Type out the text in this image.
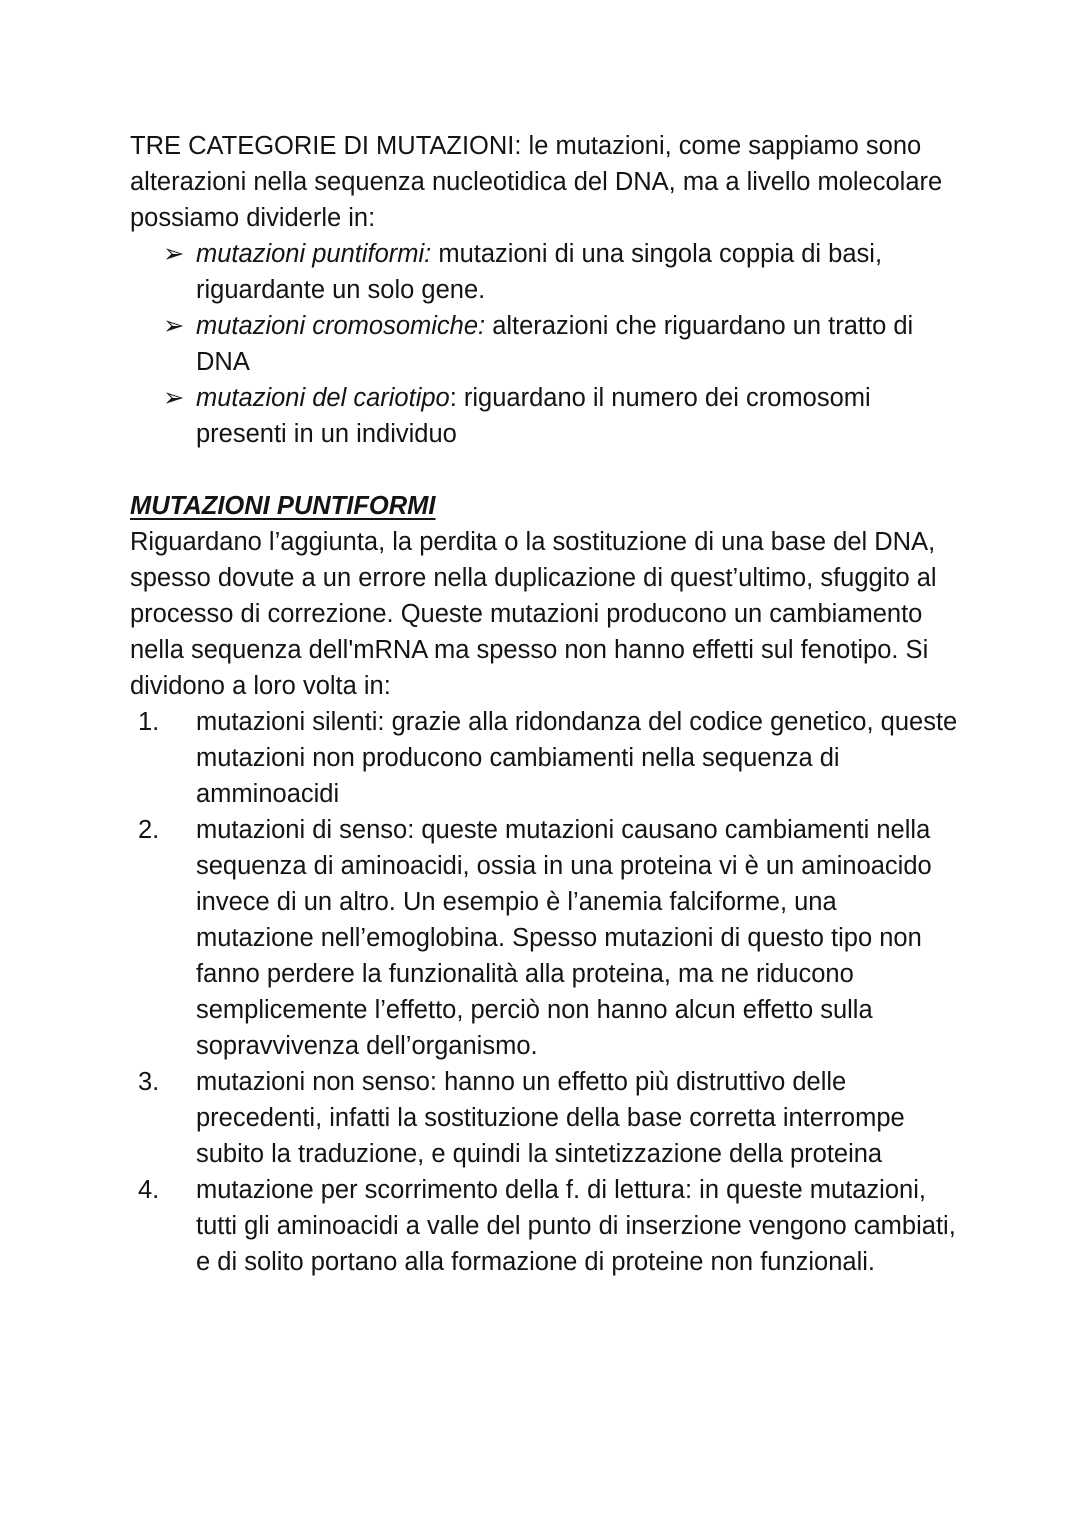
TRE CATEGORIE DI MUTAZIONI: le mutazioni, come sappiamo sono alterazioni nella sequenza nucleotidica del DNA, ma a livello molecolare possiamo dividerle in:

➢ mutazioni puntiformi: mutazioni di una singola coppia di basi, riguardante un solo gene.
➢ mutazioni cromosomiche: alterazioni che riguardano un tratto di DNA
➢ mutazioni del cariotipo: riguardano il numero dei cromosomi presenti in un individuo

MUTAZIONI PUNTIFORMI

Riguardano l’aggiunta, la perdita o la sostituzione di una base del DNA, spesso dovute a un errore nella duplicazione di quest’ultimo, sfuggito al processo di correzione. Queste mutazioni producono un cambiamento nella sequenza dell'mRNA ma spesso non hanno effetti sul fenotipo. Si dividono a loro volta in:

1. mutazioni silenti: grazie alla ridondanza del codice genetico, queste mutazioni non producono cambiamenti nella sequenza di amminoacidi
2. mutazioni di senso: queste mutazioni causano cambiamenti nella sequenza di aminoacidi, ossia in una proteina vi è un aminoacido invece di un altro. Un esempio è l’anemia falciforme, una mutazione nell’emoglobina. Spesso mutazioni di questo tipo non fanno perdere la funzionalità alla proteina, ma ne riducono semplicemente l’effetto, perciò non hanno alcun effetto sulla sopravvivenza dell’organismo.
3. mutazioni non senso: hanno un effetto più distruttivo delle precedenti, infatti la sostituzione della base corretta interrompe subito la traduzione, e quindi la sintetizzazione della proteina
4. mutazione per scorrimento della f. di lettura: in queste mutazioni, tutti gli aminoacidi a valle del punto di inserzione vengono cambiati, e di solito portano alla formazione di proteine non funzionali.
